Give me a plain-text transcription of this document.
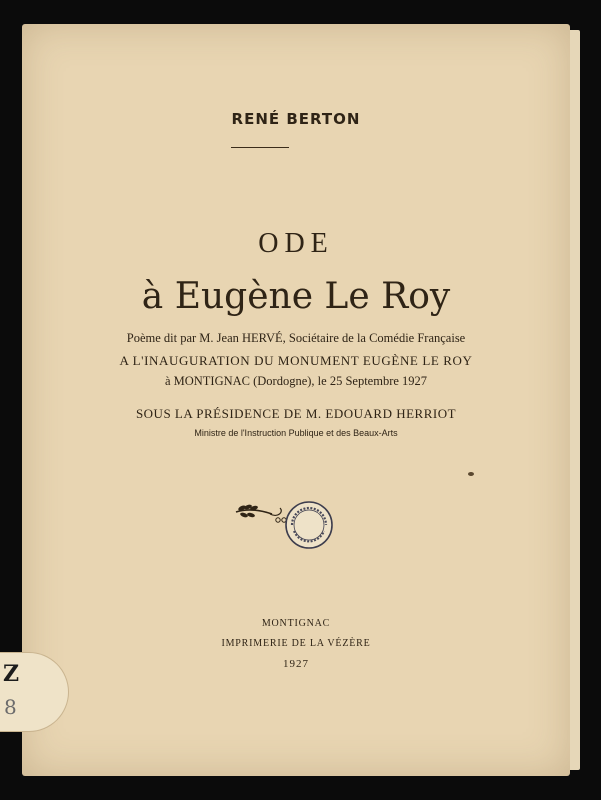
RENÉ BERTON
ODE
à Eugène Le Roy
Poème dit par M. Jean HERVÉ, Sociétaire de la Comédie Française
A L'INAUGURATION DU MONUMENT EUGÈNE LE ROY
à MONTIGNAC (Dordogne), le 25 Septembre 1927
SOUS LA PRÉSIDENCE DE M. EDOUARD HERRIOT
Ministre de l'Instruction Publique et des Beaux-Arts
MONTIGNAC
IMPRIMERIE DE LA VÉZÈRE
1927
Z
8
